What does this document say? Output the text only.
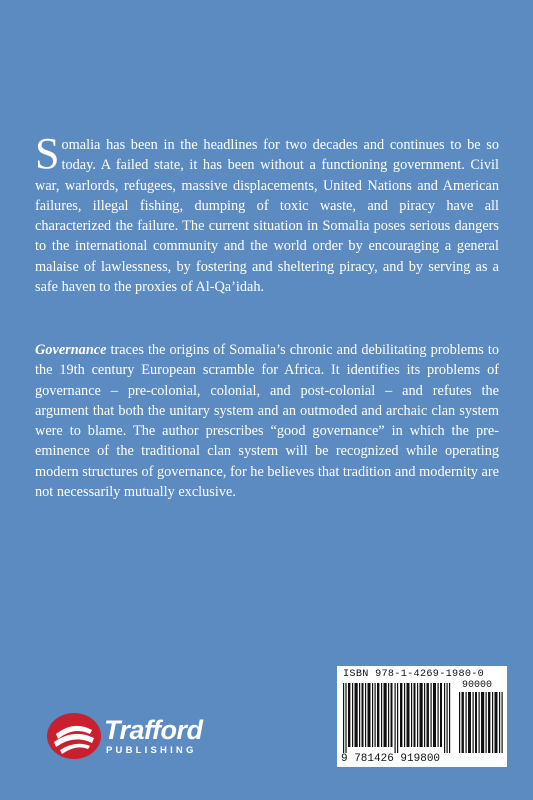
Somalia has been in the headlines for two decades and continues to be so today. A failed state, it has been without a functioning government. Civil war, warlords, refugees, massive displacements, United Nations and American failures, illegal fishing, dumping of toxic waste, and piracy have all characterized the failure. The current situation in Somalia poses serious dangers to the international community and the world order by encouraging a general malaise of lawlessness, by fostering and sheltering piracy, and by serving as a safe haven to the proxies of Al-Qa’idah.

Governance traces the origins of Somalia’s chronic and debilitating problems to the 19th century European scramble for Africa. It identifies its problems of governance – pre-colonial, colonial, and post-colonial – and refutes the argument that both the unitary system and an outmoded and archaic clan system were to blame. The author prescribes “good governance” in which the pre-eminence of the traditional clan system will be recognized while operating modern structures of governance, for he believes that tradition and modernity are not necessarily mutually exclusive.

ISBN 978-1-4269-1980-0
90000
9 781426 919800
Trafford
PUBLISHING
